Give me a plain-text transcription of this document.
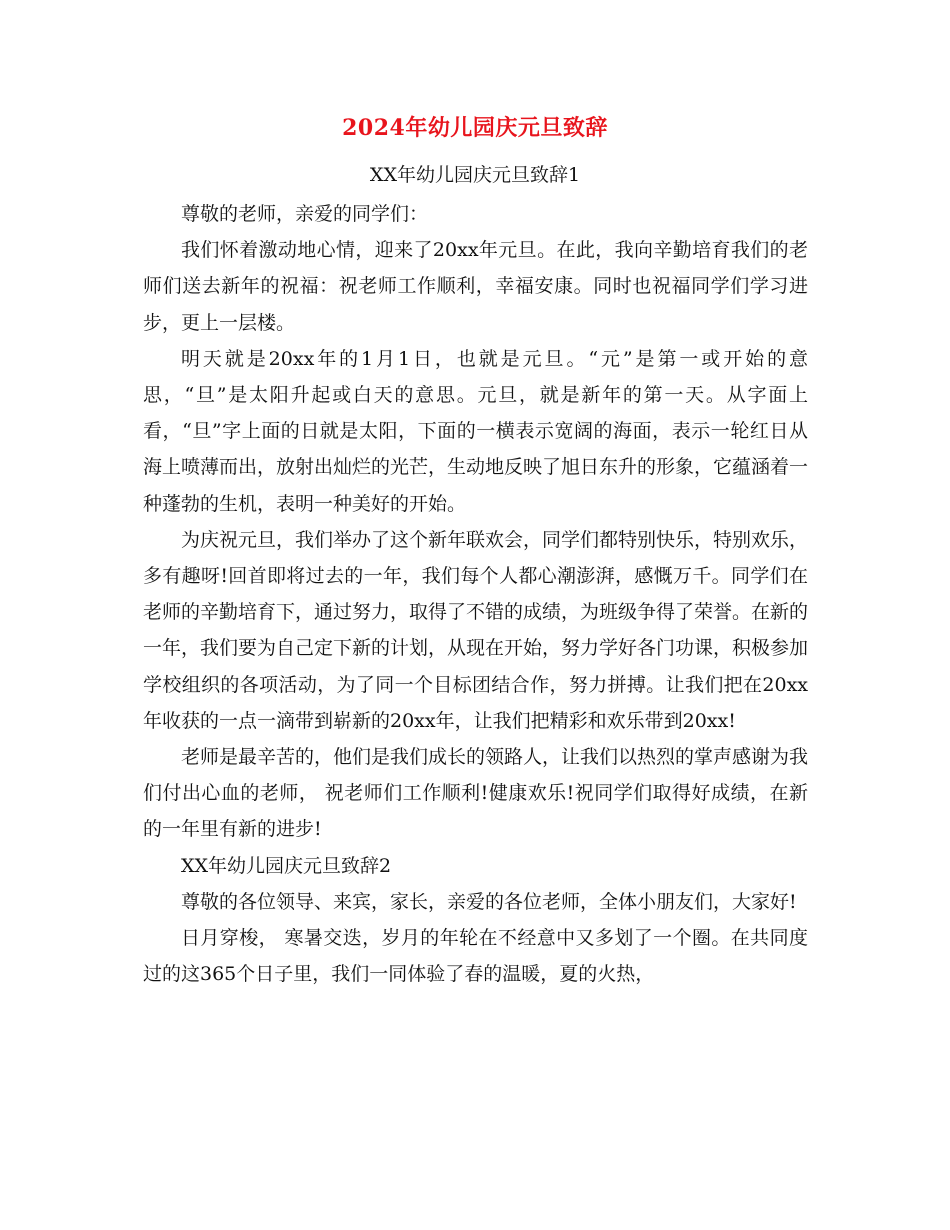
2024年幼儿园庆元旦致辞
XX年幼儿园庆元旦致辞1

尊敬的老师，亲爱的同学们：

我们怀着激动地心情，迎来了20xx年元旦。在此，我向辛勤培育我们的老师们送去新年的祝福：祝老师工作顺利，幸福安康。同时也祝福同学们学习进步，更上一层楼。

明天就是20xx年的1月1日，也就是元旦。“元”是第一或开始的意思，“旦”是太阳升起或白天的意思。元旦，就是新年的第一天。从字面上看，“旦”字上面的日就是太阳，下面的一横表示宽阔的海面，表示一轮红日从海上喷薄而出，放射出灿烂的光芒，生动地反映了旭日东升的形象，它蕴涵着一种蓬勃的生机，表明一种美好的开始。

为庆祝元旦，我们举办了这个新年联欢会，同学们都特别快乐，特别欢乐，多有趣呀!回首即将过去的一年，我们每个人都心潮澎湃，感慨万千。同学们在老师的辛勤培育下，通过努力，取得了不错的成绩，为班级争得了荣誉。在新的一年，我们要为自己定下新的计划，从现在开始，努力学好各门功课，积极参加学校组织的各项活动，为了同一个目标团结合作，努力拼搏。让我们把在20xx年收获的一点一滴带到崭新的20xx年，让我们把精彩和欢乐带到20xx!

老师是最辛苦的，他们是我们成长的领路人，让我们以热烈的掌声感谢为我们付出心血的老师， 祝老师们工作顺利!健康欢乐!祝同学们取得好成绩，在新的一年里有新的进步!

XX年幼儿园庆元旦致辞2

尊敬的各位领导、来宾，家长，亲爱的各位老师，全体小朋友们，大家好!

日月穿梭， 寒暑交迭，岁月的年轮在不经意中又多划了一个圈。在共同度过的这365个日子里，我们一同体验了春的温暖，夏的火热，
